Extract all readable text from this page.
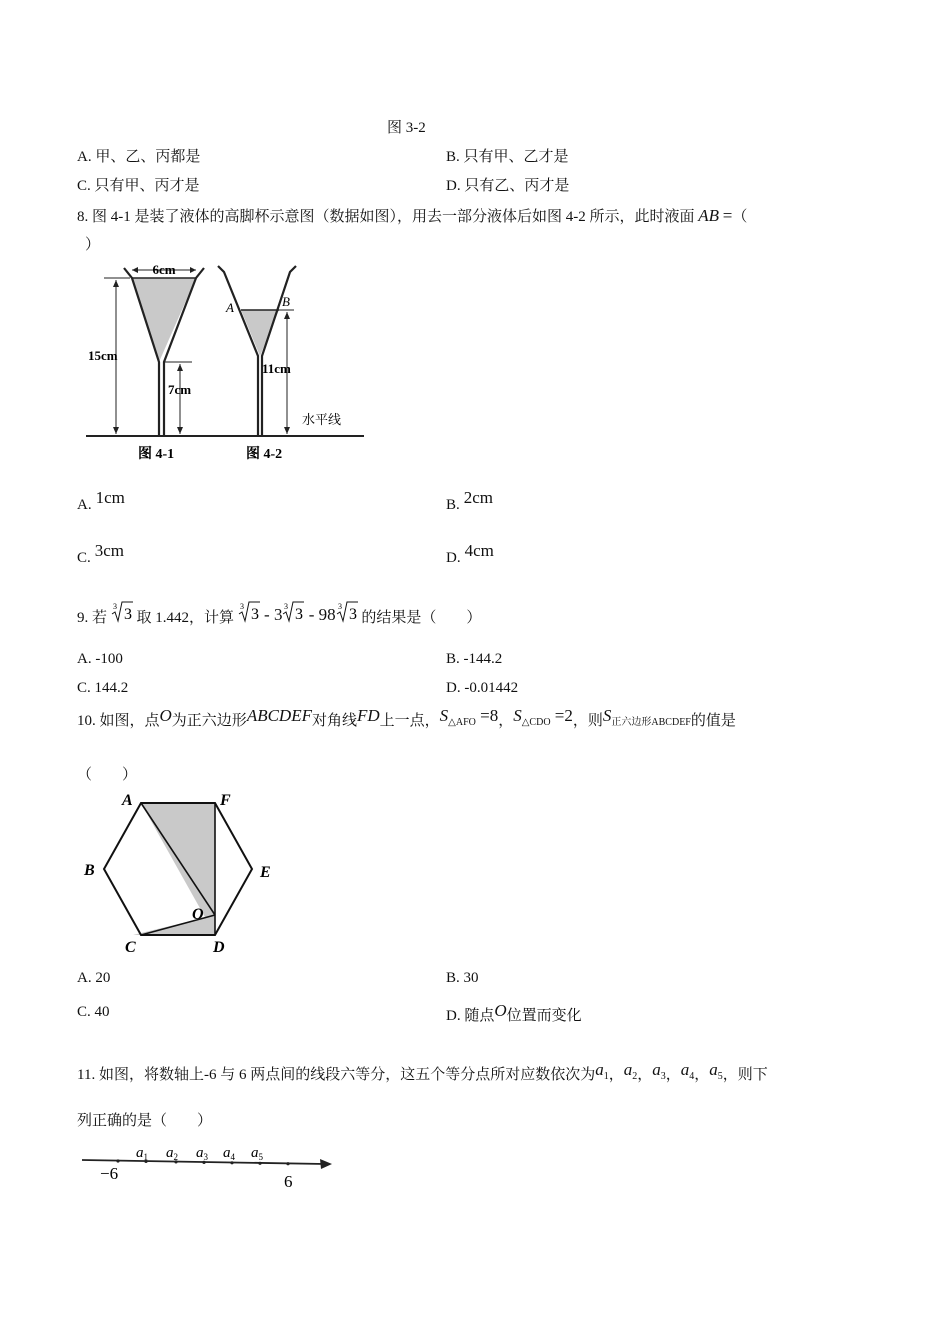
图 3-2
A. 甲、乙、丙都是	B. 只有甲、乙才是
C. 只有甲、丙才是	D. 只有乙、丙才是
8. 图 4-1 是装了液体的高脚杯示意图（数据如图），用去一部分液体后如图 4-2 所示，此时液面 AB =（
）
6cm
15cm
7cm
A	B
11cm
水平线
图 4-1	图 4-2
A. 1cm	B. 2cm
C. 3cm	D. 4cm
9. 若
3 3 取 1.442，计算
3 3 - 3 3 3 - 98 3 3 的结果是（　　）
A. -100	B. -144.2
C. 144.2	D. -0.01442
10. 如图，点O为正六边形ABCDEF对角线FD上一点，S△AFO =8，S△CDO =2，则S正六边形ABCDEF的值是
（　　）
A	F
B	E
C	D
O
A. 20	B. 30
C. 40	D. 随点O位置而变化
11. 如图，将数轴上-6 与 6 两点间的线段六等分，这五个等分点所对应数依次为a1，a2，a3，a4，a5，则下
列正确的是（　　）
$a_1$ $a_2$ $a_3$ $a_4$ $a_5$
−6	6
